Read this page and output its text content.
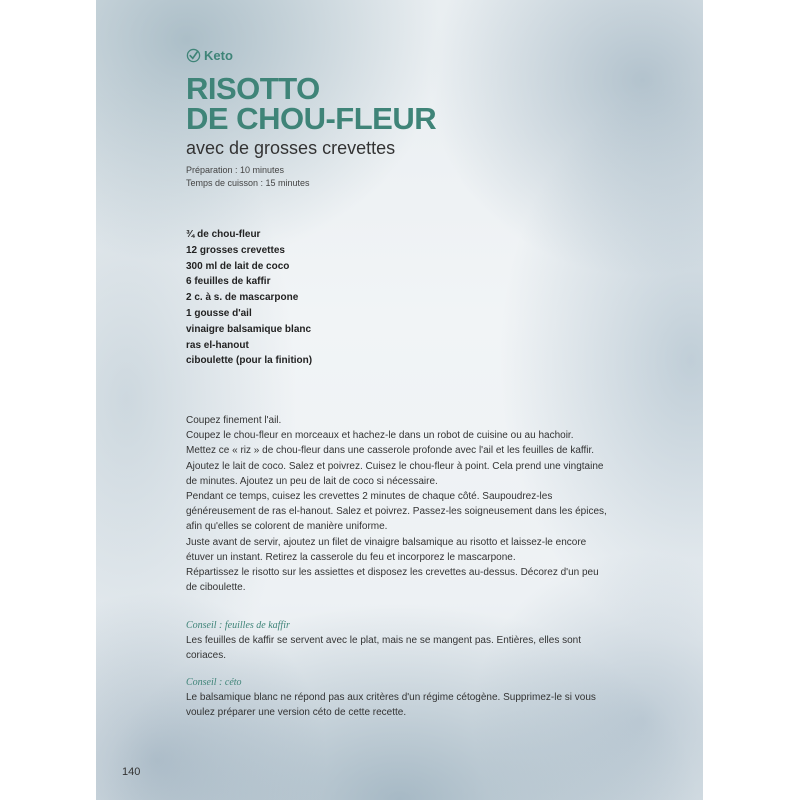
Keto
RISOTTO
DE CHOU-FLEUR
avec de grosses crevettes
Préparation : 10 minutes
Temps de cuisson : 15 minutes
¾ de chou-fleur
12 grosses crevettes
300 ml de lait de coco
6 feuilles de kaffir
2 c. à s. de mascarpone
1 gousse d'ail
vinaigre balsamique blanc
ras el-hanout
ciboulette (pour la finition)
Coupez finement l'ail.
Coupez le chou-fleur en morceaux et hachez-le dans un robot de cuisine ou au hachoir.
Mettez ce « riz » de chou-fleur dans une casserole profonde avec l'ail et les feuilles de kaffir.
Ajoutez le lait de coco. Salez et poivrez. Cuisez le chou-fleur à point. Cela prend une vingtaine
de minutes. Ajoutez un peu de lait de coco si nécessaire.
Pendant ce temps, cuisez les crevettes 2 minutes de chaque côté. Saupoudrez-les
généreusement de ras el-hanout. Salez et poivrez. Passez-les soigneusement dans les épices,
afin qu'elles se colorent de manière uniforme.
Juste avant de servir, ajoutez un filet de vinaigre balsamique au risotto et laissez-le encore
étuver un instant. Retirez la casserole du feu et incorporez le mascarpone.
Répartissez le risotto sur les assiettes et disposez les crevettes au-dessus. Décorez d'un peu
de ciboulette.
Conseil : feuilles de kaffir
Les feuilles de kaffir se servent avec le plat, mais ne se mangent pas. Entières, elles sont
coriaces.
Conseil : céto
Le balsamique blanc ne répond pas aux critères d'un régime cétogène. Supprimez-le si vous
voulez préparer une version céto de cette recette.
140
